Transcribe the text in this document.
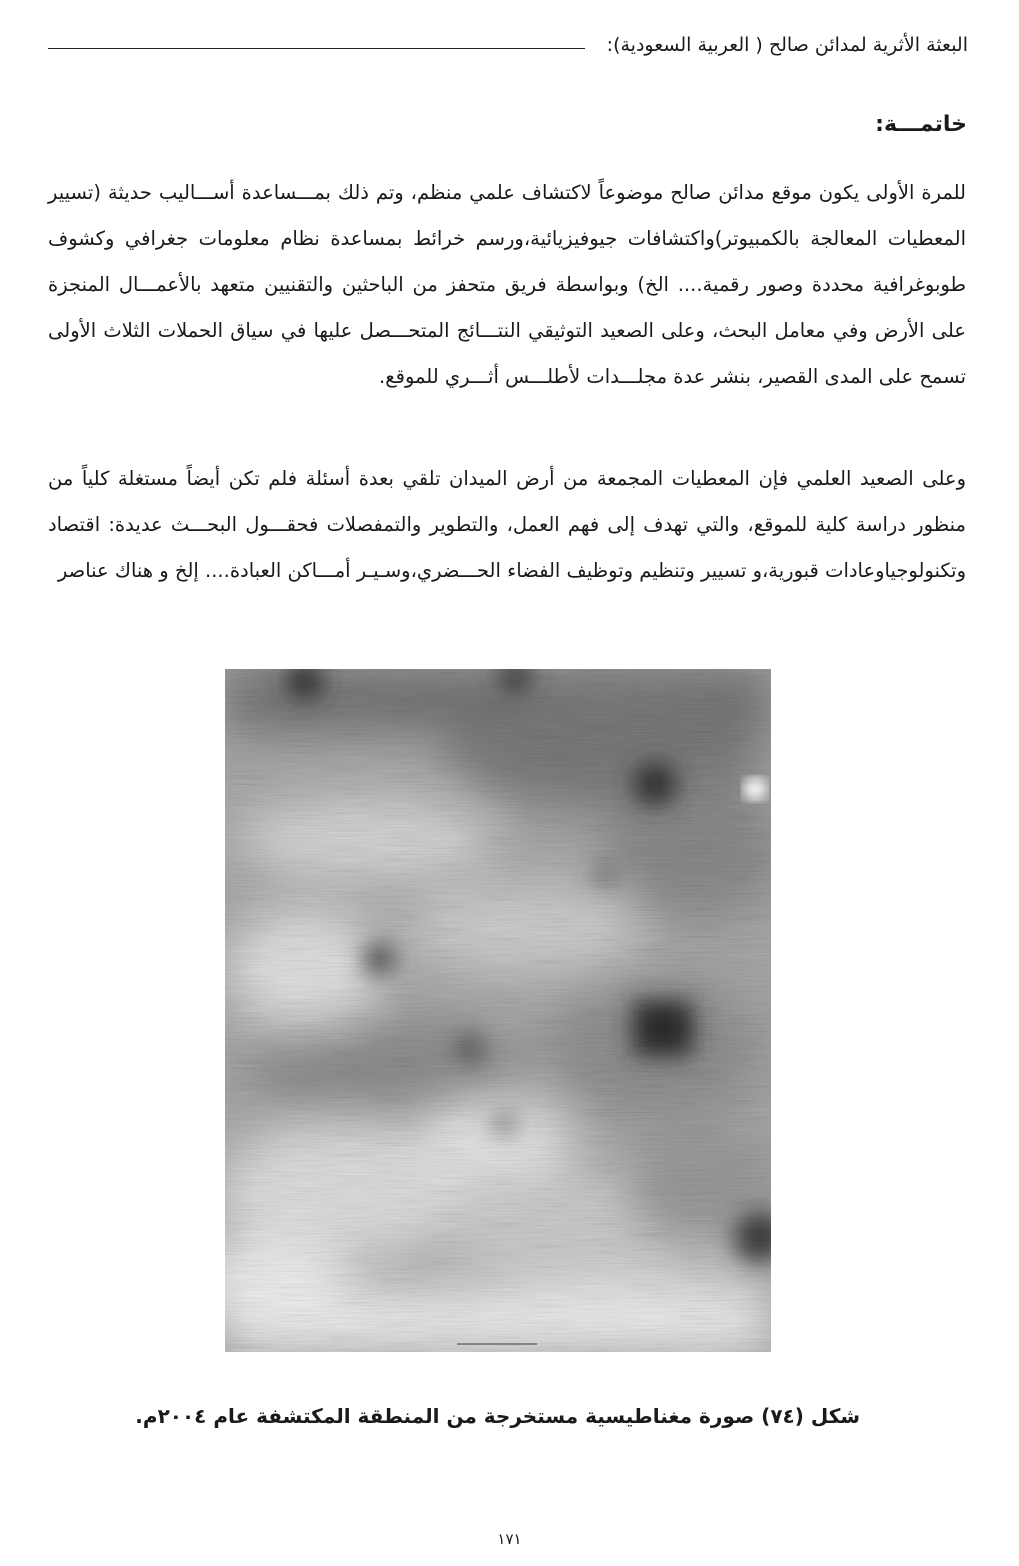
البعثة الأثرية لمدائن صالح ( العربية السعودية):
خاتمـــة:

للمرة الأولى يكون موقع مدائن صالح موضوعاً لاكتشاف علمي منظم، وتم ذلك بمـــساعدة أســـاليب حديثة (تسيير المعطيات المعالجة بالكمبيوتر)واكتشافات جيوفيزيائية،ورسم خرائط بمساعدة نظام معلومات جغرافي وكشوف طوبوغرافية محددة وصور رقمية.... الخ) وبواسطة فريق متحفز من الباحثين والتقنيين متعهد بالأعمـــال المنجزة على الأرض وفي معامل البحث، وعلى الصعيد التوثيقي النتـــائج المتحـــصل عليها في سياق الحملات الثلاث الأولى تسمح على المدى القصير، بنشر عدة مجلـــدات لأطلـــس أثـــري للموقع.

وعلى الصعيد العلمي فإن المعطيات المجمعة من أرض الميدان تلقي بعدة أسئلة فلم تكن أيضاً مستغلة كلياً من منظور دراسة كلية للموقع، والتي تهدف إلى فهم العمل، والتطوير والتمفصلات فحقـــول البحـــث عديدة: اقتصاد وتكنولوجياوعادات قبورية،و تسيير وتنظيم وتوظيف الفضاء الحـــضري،وسـيـر أمـــاكن العبادة.... إلخ و هناك عناصر

شكل (٧٤) صورة مغناطيسية مستخرجة من المنطقة المكتشفة عام ٢٠٠٤م.
١٧١
